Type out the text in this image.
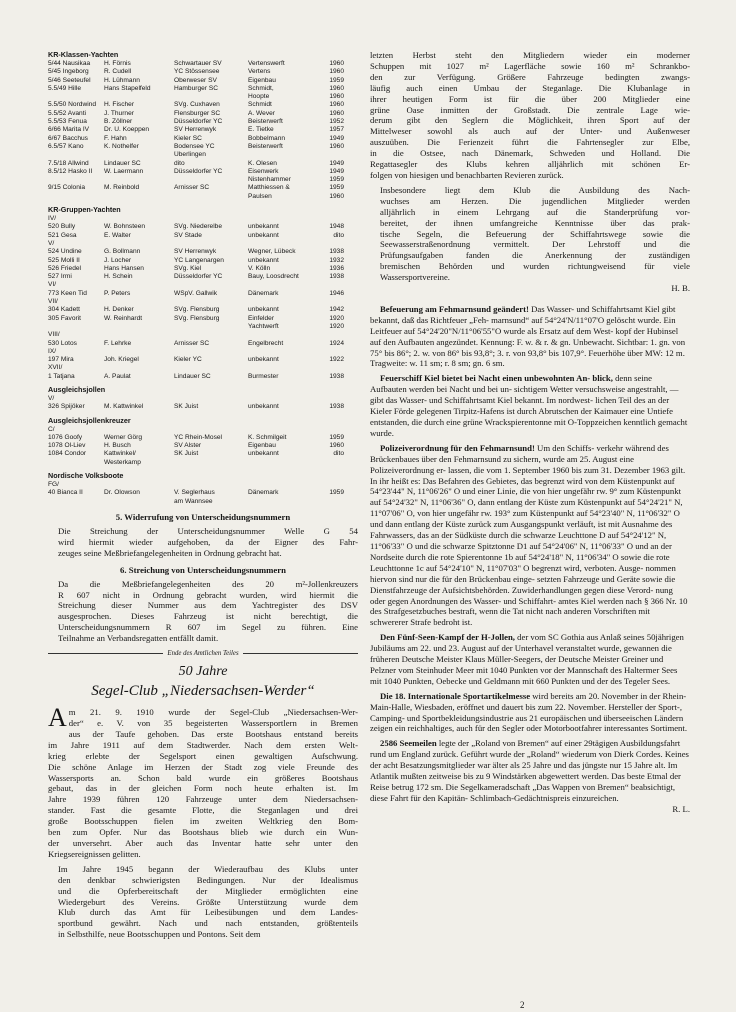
KR-Klassen-Yachten
5/44 Nausikaa	H. Förnis	Schwartauer SV	Vertenswerft	1960
5/45 Ingeborg	R. Cudell	YC Stössensee	Vertens	1960
5/46 Seeteufel	H. Lühmann	Oberweser SV	Eigenbau	1959
5.5/49 Hille	Hans Stapelfeld	Hamburger SC	Schmidt,	1960
Hoopte	1960
5.5/50 Nordwind	H. Fischer	SVg. Cuxhaven	Schmidt	1960
5.5/52 Avanti	J. Thurner	Flensburger SC	A. Wever	1960
5.5/53 Fenua	B. Zöllner	Düsseldorfer YC	Beisterwerft	1952
6/66 Marita IV	Dr. U. Koeppen	SV Herrenwyk	E. Tietke	1957
6/67 Bacchus	F. Hahn	Kieler SC	Bobbelmann	1949
6.5/57 Kano	K. Nothelfer	Bodensee YC	Beisterwerft	1960
Überlingen
7.5/18 Allwind	Lindauer SC	dito	K. Olesen	1949
8.5/12 Hasko II	W. Laermann	Düsseldorfer YC	Eisenwerk	1949
Nistenhammer	1959
9/15 Colonia	M. Reinbold	Arnisser SC	Matthiessen &	1959
Paulsen	1960
KR-Gruppen-Yachten
IV/
520 Bully	W. Bohnsteen	SVg. Niederelbe	unbekannt	1948
521 Gesa	E. Walter	SV Stade	unbekannt	dito
V/
524 Undine	G. Bollmann	SV Herrenwyk	Wegner, Lübeck	1938
525 Molli II	J. Locher	YC Langenargen	unbekannt	1932
526 Friedel	Hans Hansen	SVg. Kiel	V. Kölln	1936
527 Irmi	H. Schein	Düsseldorfer YC	Bauy, Loosdrecht	1938
VI/
773 Keen Tid	P. Peters	WSpV. Gallwik	Dänemark	1946
VII/
304 Kadett	H. Denker	SVg. Flensburg	unbekannt	1942
305 Favorit	W. Reinhardt	SVg. Flensburg	Einfelder	1920
Yachtwerft	1920
VIII/
530 Lotos	F. Lehrke	Arnisser SC	Engelbrecht	1924
IX/
197 Mira	Joh. Kriegel	Kieler YC	unbekannt	1922
XVII/
1 Tatjana	A. Paulat	Lindauer SC	Burmester	1938
Ausgleichsjollen
V/
326 Spijöker	M. Kattwinkel	SK Juist	unbekannt	1938
Ausgleichsjollenkreuzer
C/
1076 Goofy	Werner Görg	YC Rhein-Mosel	K. Schmilgeit	1959
1078 Ol-Liev	H. Busch	SV Alster	Eigenbau	1960
1084 Condor	Kattwinkel/	SK Juist	unbekannt	dito
Westerkamp
Nordische Volksboote
FG/
40 Bianca II	Dr. Olowson	V. Seglerhaus	Dänemark	1959
am Wannsee
5. Widerrufung von Unterscheidungsnummern
Die Streichung der Unterscheidungsnummer Welle G 54
wird hiermit wieder aufgehoben, da der Eigner des Fahr-
zeuges seine Meßbriefangelegenheiten in Ordnung gebracht hat.
6. Streichung von Unterscheidungsnummern
Da die Meßbriefangelegenheiten des 20 m²-Jollenkreuzers
R 607 nicht in Ordnung gebracht wurden, wird hiermit die
Streichung dieser Nummer aus dem Yachtregister des DSV
ausgesprochen. Dieses Fahrzeug ist nicht berechtigt, die
Unterscheidungsnummern R 607 im Segel zu führen. Eine
Teilnahme an Verbandsregatten entfällt damit.
Ende des Amtlichen Teiles
50 Jahre
Segel-Club „Niedersachsen-Werder“
A m 21. 9. 1910 wurde der Segel-Club „Niedersachsen-Wer-
der“ e. V. von 35 begeisterten Wassersportlern in Bremen
aus der Taufe gehoben. Das erste Bootshaus entstand bereits
im Jahre 1911 auf dem Stadtwerder. Nach dem ersten Welt-
krieg erlebte der Segelsport einen gewaltigen Aufschwung.
Die schöne Anlage im Herzen der Stadt zog viele Freunde des
Wassersports an. Schon bald wurde ein größeres Bootshaus
gebaut, das in der gleichen Form noch heute erhalten ist. Im
Jahre 1939 führen 120 Fahrzeuge unter dem Niedersachsen-
stander. Fast die gesamte Flotte, die Steganlagen und drei
große Bootsschuppen fielen im zweiten Weltkrieg den Bom-
ben zum Opfer. Nur das Bootshaus blieb wie durch ein Wun-
der unversehrt. Aber auch das Inventar hatte sehr unter den
Kriegsereignissen gelitten.
Im Jahre 1945 begann der Wiederaufbau des Klubs unter
den denkbar schwierigsten Bedingungen. Nur der Idealismus
und die Opferbereitschaft der Mitglieder ermöglichten eine
Wiedergeburt des Vereins. Größte Unterstützung wurde dem
Klub durch das Amt für Leibesübungen und dem Landes-
sportbund gewährt. Nach und nach entstanden, größtenteils
in Selbsthilfe, neue Bootsschuppen und Pontons. Seit dem
letzten Herbst steht den Mitgliedern wieder ein moderner
Schuppen mit 1027 m² Lagerfläche sowie 160 m² Schrankbo-
den zur Verfügung. Größere Fahrzeuge bedingten zwangs-
läufig auch einen Umbau der Steganlage. Die Klubanlage in
ihrer heutigen Form ist für die über 200 Mitglieder eine
grüne Oase inmitten der Großstadt. Die zentrale Lage wie-
derum gibt den Seglern die Möglichkeit, ihren Sport auf der
Mittelweser sowohl als auch auf der Unter- und Außenweser
auszuüben. Die Ferienzeit führt die Fahrtensegler zur Elbe,
in die Ostsee, nach Dänemark, Schweden und Holland. Die
Regattasegler des Klubs kehren alljährlich mit schönen Er-
folgen von hiesigen und benachbarten Revieren zurück.
Insbesondere liegt dem Klub die Ausbildung des Nach-
wuchses am Herzen. Die jugendlichen Mitglieder werden
alljährlich in einem Lehrgang auf die Standerprüfung vor-
bereitet, der ihnen umfangreiche Kenntnisse über das prak-
tische Segeln, die Befeuerung der Schiffahrtswege sowie die
Seewasserstraßenordnung vermittelt. Der Lehrstoff und die
Prüfungsaufgaben fanden die Anerkennung der zuständigen
bremischen Behörden und wurden richtungweisend für viele
Wassersportvereine.
H. B.
Befeuerung am Fehmarnsund geändert! Das Wasser- und Schiffahrtsamt Kiel gibt bekannt, daß das Richtfeuer „Feh- marnsund“ auf 54°24'N/11°07'O gelöscht wurde. Ein Leitfeuer auf 54°24'20"N/11°06'55"O wurde als Ersatz auf dem West- kopf der Hubinsel auf den Aufbauten angezündet. Kennung: F. w. & r. & gn. Unbewacht. Sichtbar: 1. gn. von 75° bis 86°; 2. w. von 86° bis 93,8°; 3. r. von 93,8° bis 107,9°. Feuerhöhe über MW: 12 m. Tragweite: w. 11 sm; r. 8 sm; gn. 6 sm.
Feuerschiff Kiel bietet bei Nacht einen unbewohnten An- blick, denn seine Aufbauten werden bei Nacht und bei un- sichtigem Wetter versuchsweise angestrahlt, — gibt das Wasser- und Schiffahrtsamt Kiel bekannt. Im nordwest- lichen Teil des an der Kieler Förde gelegenen Tirpitz-Hafens ist durch Abrutschen der Kaimauer eine Untiefe entstanden, die durch eine grüne Wrackspierentonne mit O-Toppzeichen kenntlich gemacht wurde.
Polizeiverordnung für den Fehmarnsund! Um den Schiffs- verkehr während des Brückenbaues über den Fehmarnsund zu sichern, wurde am 25. August eine Polizeiverordnung er- lassen, die vom 1. September 1960 bis zum 31. Dezember 1963 gilt. In ihr heißt es: Das Befahren des Gebietes, das begrenzt wird von dem Küstenpunkt auf 54°23'44" N, 11°06'26" O und einer Linie, die von hier ungefähr rw. 9° zum Küstenpunkt auf 54°24'32" N, 11°06'36" O, dann entlang der Küste zum Küstenpunkt auf 54°24'21" N, 11°07'06" O, von hier ungefähr rw. 193° zum Küstenpunkt auf 54°23'40" N, 11°06'32" O und dann entlang der Küste zurück zum Ausgangspunkt verläuft, ist mit Ausnahme des Fahrwassers, das an der Südküste durch die schwarze Leuchttone D auf 54°24'12" N, 11°06'33" O und die schwarze Spitztonne D1 auf 54°24'06" N, 11°06'33" O und an der Nordseite durch die rote Spierentonne 1b auf 54°24'18" N, 11°06'34" O sowie die rote Leuchttonne 1c auf 54°24'10" N, 11°07'03" O begrenzt wird, verboten. Ausge- nommen hiervon sind nur die für den Brückenbau einge- setzten Fahrzeuge und Geräte sowie die Dienstfahrzeuge der Aufsichtsbehörden. Zuwiderhandlungen gegen diese Verord- nung oder gegen Anordnungen des Wasser- und Schiffahrt- amtes Kiel werden nach § 366 Nr. 10 des Strafgesetzbuches bestraft, wenn die Tat nicht nach anderen Vorschriften mit schwererer Strafe bedroht ist.
Den Fünf-Seen-Kampf der H-Jollen, der vom SC Gothia aus Anlaß seines 50jährigen Jubiläums am 22. und 23. August auf der Unterhavel veranstaltet wurde, gewannen die früheren Deutsche Meister Klaus Müller-Seegers, der Deutsche Meister Greiner und Pelzner vom Steinhuder Meer mit 1040 Punkten vor der Mannschaft des Haltermer Sees mit 1040 Punkten, Oebecke und Geldmann mit 660 Punkten und der des Tegeler Sees.
Die 18. Internationale Sportartikelmesse wird bereits am 20. November in der Rhein-Main-Halle, Wiesbaden, eröffnet und dauert bis zum 22. November. Hersteller der Sport-, Camping- und Sportbekleidungsindustrie aus 21 europäischen und überseeischen Ländern zeigen ein reichhaltiges, auch für den Segler oder Motorbootfahrer interessantes Sortiment.
2586 Seemeilen legte der „Roland von Bremen“ auf einer 29tägigen Ausbildungsfahrt rund um England zurück. Geführt wurde der „Roland“ wiederum von Dierk Cordes. Keines der acht Besatzungsmitglieder war älter als 25 Jahre und das jüngste nur 15 Jahre alt. Im Atlantik mußten zeitweise bis zu 9 Windstärken abgewettert werden. Das beste Etmal der Reise betrug 172 sm. Die Segelkameradschaft „Das Wappen von Bremen“ beabsichtigt, diese Fahrt für den Kapitän- Schlimbach-Gedächtnispreis einzureichen.
R. L.
2
